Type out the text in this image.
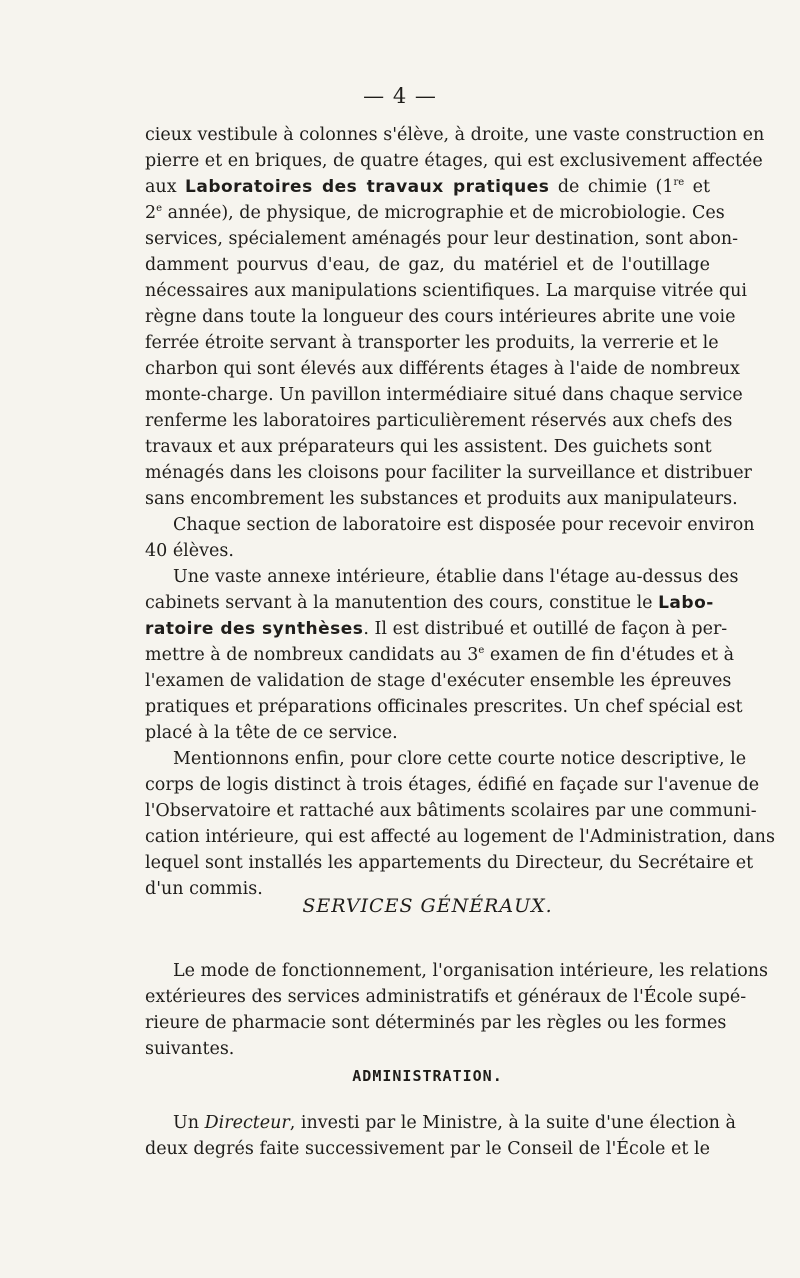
— 4 —
cieux vestibule à colonnes s'élève, à droite, une vaste construction en
pierre et en briques, de quatre étages, qui est exclusivement affectée
aux Laboratoires des travaux pratiques de chimie (1re et
2e année), de physique, de micrographie et de microbiologie. Ces
services, spécialement aménagés pour leur destination, sont abon-
damment pourvus d'eau, de gaz, du matériel et de l'outillage
nécessaires aux manipulations scientifiques. La marquise vitrée qui
règne dans toute la longueur des cours intérieures abrite une voie
ferrée étroite servant à transporter les produits, la verrerie et le
charbon qui sont élevés aux différents étages à l'aide de nombreux
monte-charge. Un pavillon intermédiaire situé dans chaque service
renferme les laboratoires particulièrement réservés aux chefs des
travaux et aux préparateurs qui les assistent. Des guichets sont
ménagés dans les cloisons pour faciliter la surveillance et distribuer
sans encombrement les substances et produits aux manipulateurs.
Chaque section de laboratoire est disposée pour recevoir environ
40 élèves.
Une vaste annexe intérieure, établie dans l'étage au-dessus des
cabinets servant à la manutention des cours, constitue le Labo-
ratoire des synthèses. Il est distribué et outillé de façon à per-
mettre à de nombreux candidats au 3e examen de fin d'études et à
l'examen de validation de stage d'exécuter ensemble les épreuves
pratiques et préparations officinales prescrites. Un chef spécial est
placé à la tête de ce service.
Mentionnons enfin, pour clore cette courte notice descriptive, le
corps de logis distinct à trois étages, édifié en façade sur l'avenue de
l'Observatoire et rattaché aux bâtiments scolaires par une communi-
cation intérieure, qui est affecté au logement de l'Administration, dans
lequel sont installés les appartements du Directeur, du Secrétaire et
d'un commis.
SERVICES GÉNÉRAUX.
Le mode de fonctionnement, l'organisation intérieure, les relations
extérieures des services administratifs et généraux de l'École supé-
rieure de pharmacie sont déterminés par les règles ou les formes
suivantes.
ADMINISTRATION.
Un Directeur, investi par le Ministre, à la suite d'une élection à
deux degrés faite successivement par le Conseil de l'École et le
